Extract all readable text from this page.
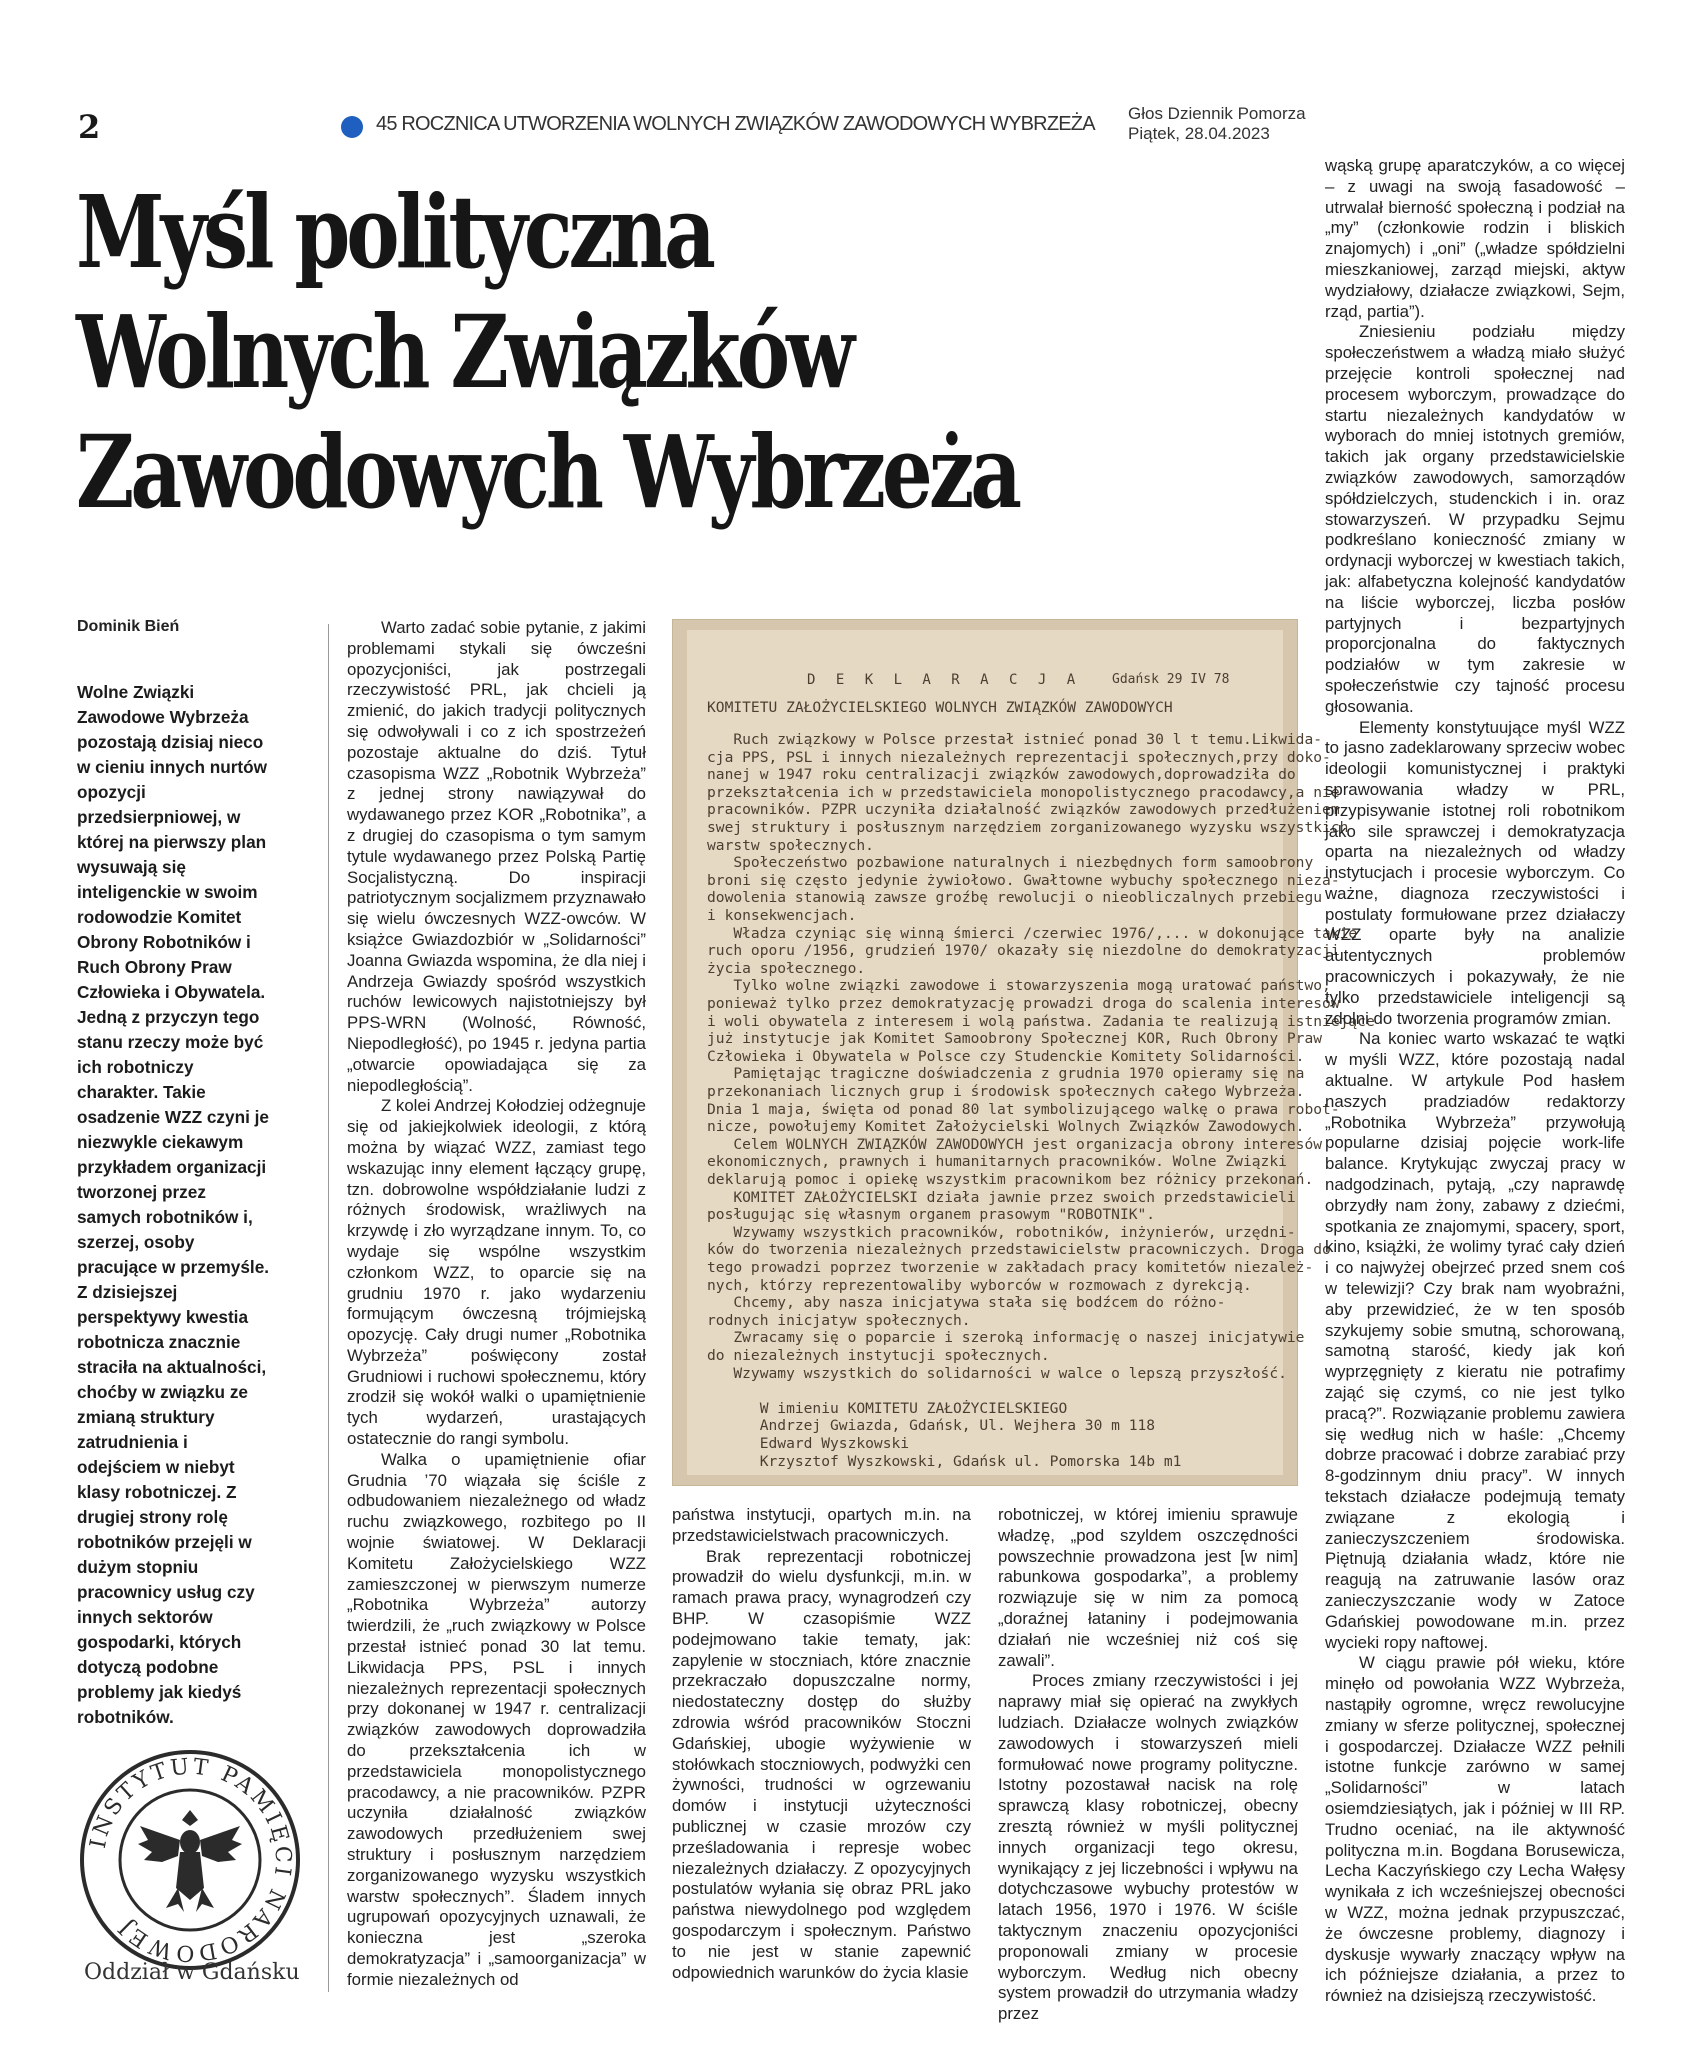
2	45 ROCZNICA UTWORZENIA WOLNYCH ZWIĄZKÓW ZAWODOWYCH WYBRZEŻA Głos Dziennik Pomorza
Piątek, 28.04.2023
Myśl polityczna
Wolnych Związków
Zawodowych Wybrzeża
Dominik Bień

Wolne Związki Zawodowe Wybrzeża pozostają dzisiaj nieco w cieniu innych nurtów opozycji przedsierpniowej, w której na pierwszy plan wysuwają się inteligenckie w swoim rodowodzie Komitet Obrony Robotników i Ruch Obrony Praw Człowieka i Obywatela. Jedną z przyczyn tego stanu rzeczy może być ich robotniczy charakter. Takie osadzenie WZZ czyni je niezwykle ciekawym przykładem organizacji tworzonej przez samych robotników i, szerzej, osoby pracujące w przemyśle. Z dzisiejszej perspektywy kwestia robotnicza znacznie straciła na aktualności, choćby w związku ze zmianą struktury zatrudnienia i odejściem w niebyt klasy robotniczej. Z drugiej strony rolę robotników przejęli w dużym stopniu pracownicy usług czy innych sektorów gospodarki, których dotyczą podobne problemy jak kiedyś robotników.

Warto zadać sobie pytanie, z jakimi problemami stykali się ówcześni opozycjoniści, jak postrzegali rzeczywistość PRL, jak chcieli ją zmienić, do jakich tradycji politycznych się odwoływali i co z ich spostrzeżeń pozostaje aktualne do dziś. Tytuł czasopisma WZZ „Robotnik Wybrzeża” z jednej strony nawiązywał do wydawanego przez KOR „Robotnika”, a z drugiej do czasopisma o tym samym tytule wydawanego przez Polską Partię Socjalistyczną. Do inspiracji patriotycznym socjalizmem przyznawało się wielu ówczesnych WZZ-owców. W książce Gwiazdozbiór w „Solidarności” Joanna Gwiazda wspomina, że dla niej i Andrzeja Gwiazdy spośród wszystkich ruchów lewicowych najistotniejszy był PPS-WRN (Wolność, Równość, Niepodległość), po 1945 r. jedyna partia „otwarcie opowiadająca się za niepodległością”.

Z kolei Andrzej Kołodziej odżegnuje się od jakiejkolwiek ideologii, z którą można by wiązać WZZ, zamiast tego wskazując inny element łączący grupę, tzn. dobrowolne współdziałanie ludzi z różnych środowisk, wrażliwych na krzywdę i zło wyrządzane innym. To, co wydaje się wspólne wszystkim członkom WZZ, to oparcie się na grudniu 1970 r. jako wydarzeniu formującym ówczesną trójmiejską opozycję. Cały drugi numer „Robotnika Wybrzeża” poświęcony został Grudniowi i ruchowi społecznemu, który zrodził się wokół walki o upamiętnienie tych wydarzeń, urastających ostatecznie do rangi symbolu.

Walka o upamiętnienie ofiar Grudnia ’70 wiązała się ściśle z odbudowaniem niezależnego od władz ruchu związkowego, rozbitego po II wojnie światowej. W Deklaracji Komitetu Założycielskiego WZZ zamieszczonej w pierwszym numerze „Robotnika Wybrzeża” autorzy twierdzili, że „ruch związkowy w Polsce przestał istnieć ponad 30 lat temu. Likwidacja PPS, PSL i innych niezależnych reprezentacji społecznych przy dokonanej w 1947 r. centralizacji związków zawodowych doprowadziła do przekształcenia ich w przedstawiciela monopolistycznego pracodawcy, a nie pracowników. PZPR uczyniła działalność związków zawodowych przedłużeniem swej struktury i posłusznym narzędziem zorganizowanego wyzysku wszystkich warstw społecznych”. Śladem innych ugrupowań opozycyjnych uznawali, że konieczna jest „szeroka demokratyzacja” i „samoorganizacja” w formie niezależnych od

D E K L A R A C J A Gdańsk 29 IV 78
KOMITETU ZAŁOŻYCIELSKIEGO WOLNYCH ZWIĄZKÓW ZAWODOWYCH
Ruch związkowy w Polsce przestał istnieć ponad 30 l t temu.Likwida-
cja PPS, PSL i innych niezależnych reprezentacji społecznych,przy doko-
nanej w 1947 roku centralizacji związków zawodowych,doprowadziła do
przekształcenia ich w przedstawiciela monopolistycznego pracodawcy,a nie
pracowników. PZPR uczyniła działalność związków zawodowych przedłużeniem
swej struktury i posłusznym narzędziem zorganizowanego wyzysku wszystkich
warstw społecznych.
Społeczeństwo pozbawione naturalnych i niezbędnych form samoobrony
broni się często jedynie żywiołowo. Gwałtowne wybuchy społecznego nieza-
dowolenia stanowią zawsze groźbę rewolucji o nieobliczalnych przebiegu
i konsekwencjach.
Władza czyniąc się winną śmierci /czerwiec 1976/,... w dokonujące takie
ruch oporu /1956, grudzień 1970/ okazały się niezdolne do demokratyzacji
życia społecznego.
Tylko wolne związki zawodowe i stowarzyszenia mogą uratować państwo,
ponieważ tylko przez demokratyzację prowadzi droga do scalenia interesów
i woli obywatela z interesem i wolą państwa. Zadania te realizują istniejące
już instytucje jak Komitet Samoobrony Społecznej KOR, Ruch Obrony Praw
Człowieka i Obywatela w Polsce czy Studenckie Komitety Solidarności.
Pamiętając tragiczne doświadczenia z grudnia 1970 opieramy się na
przekonaniach licznych grup i środowisk społecznych całego Wybrzeża.
Dnia 1 maja, święta od ponad 80 lat symbolizującego walkę o prawa robot-
nicze, powołujemy Komitet Założycielski Wolnych Związków Zawodowych.
Celem WOLNYCH ZWIĄZKÓW ZAWODOWYCH jest organizacja obrony interesów
ekonomicznych, prawnych i humanitarnych pracowników. Wolne Związki
deklarują pomoc i opiekę wszystkim pracownikom bez różnicy przekonań.
KOMITET ZAŁOŻYCIELSKI działa jawnie przez swoich przedstawicieli
posługując się własnym organem prasowym "ROBOTNIK".
Wzywamy wszystkich pracowników, robotników, inżynierów, urzędni-
ków do tworzenia niezależnych przedstawicielstw pracowniczych. Droga do
tego prowadzi poprzez tworzenie w zakładach pracy komitetów niezależ-
nych, którzy reprezentowaliby wyborców w rozmowach z dyrekcją.
Chcemy, aby nasza inicjatywa stała się bodźcem do różno-
rodnych inicjatyw społecznych.
Zwracamy się o poparcie i szeroką informację o naszej inicjatywie
do niezależnych instytucji społecznych.
Wzywamy wszystkich do solidarności w walce o lepszą przyszłość.
W imieniu KOMITETU ZAŁOŻYCIELSKIEGO
Andrzej Gwiazda, Gdańsk, Ul. Wejhera 30 m 118
Edward Wyszkowski
Krzysztof Wyszkowski, Gdańsk ul. Pomorska 14b m1

państwa instytucji, opartych m.in. na przedstawicielstwach pracowniczych.

Brak reprezentacji robotniczej prowadził do wielu dysfunkcji, m.in. w ramach prawa pracy, wynagrodzeń czy BHP. W czasopiśmie WZZ podejmowano takie tematy, jak: zapylenie w stoczniach, które znacznie przekraczało dopuszczalne normy, niedostateczny dostęp do służby zdrowia wśród pracowników Stoczni Gdańskiej, ubogie wyżywienie w stołówkach stoczniowych, podwyżki cen żywności, trudności w ogrzewaniu domów i instytucji użyteczności publicznej w czasie mrozów czy prześladowania i represje wobec niezależnych działaczy. Z opozycyjnych postulatów wyłania się obraz PRL jako państwa niewydolnego pod względem gospodarczym i społecznym. Państwo to nie jest w stanie zapewnić odpowiednich warunków do życia klasie

robotniczej, w której imieniu sprawuje władzę, „pod szyldem oszczędności powszechnie prowadzona jest [w nim] rabunkowa gospodarka”, a problemy rozwiązuje się w nim za pomocą „doraźnej łataniny i podejmowania działań nie wcześniej niż coś się zawali”.

Proces zmiany rzeczywistości i jej naprawy miał się opierać na zwykłych ludziach. Działacze wolnych związków zawodowych i stowarzyszeń mieli formułować nowe programy polityczne. Istotny pozostawał nacisk na rolę sprawczą klasy robotniczej, obecny zresztą również w myśli politycznej innych organizacji tego okresu, wynikający z jej liczebności i wpływu na dotychczasowe wybuchy protestów w latach 1956, 1970 i 1976. W ściśle taktycznym znaczeniu opozycjoniści proponowali zmiany w procesie wyborczym. Według nich obecny system prowadził do utrzymania władzy przez

wąską grupę aparatczyków, a co więcej – z uwagi na swoją fasadowość – utrwalał bierność społeczną i podział na „my” (członkowie rodzin i bliskich znajomych) i „oni” („władze spółdzielni mieszkaniowej, zarząd miejski, aktyw wydziałowy, działacze związkowi, Sejm, rząd, partia”).

Zniesieniu podziału między społeczeństwem a władzą miało służyć przejęcie kontroli społecznej nad procesem wyborczym, prowadzące do startu niezależnych kandydatów w wyborach do mniej istotnych gremiów, takich jak organy przedstawicielskie związków zawodowych, samorządów spółdzielczych, studenckich i in. oraz stowarzyszeń. W przypadku Sejmu podkreślano konieczność zmiany w ordynacji wyborczej w kwestiach takich, jak: alfabetyczna kolejność kandydatów na liście wyborczej, liczba posłów partyjnych i bezpartyjnych proporcjonalna do faktycznych podziałów w tym zakresie w społeczeństwie czy tajność procesu głosowania.

Elementy konstytuujące myśl WZZ to jasno zadeklarowany sprzeciw wobec ideologii komunistycznej i praktyki sprawowania władzy w PRL, przypisywanie istotnej roli robotnikom jako sile sprawczej i demokratyzacja oparta na niezależnych od władzy instytucjach i procesie wyborczym. Co ważne, diagnoza rzeczywistości i postulaty formułowane przez działaczy WZZ oparte były na analizie autentycznych problemów pracowniczych i pokazywały, że nie tylko przedstawiciele inteligencji są zdolni do tworzenia programów zmian.

Na koniec warto wskazać te wątki w myśli WZZ, które pozostają nadal aktualne. W artykule Pod hasłem naszych pradziadów redaktorzy „Robotnika Wybrzeża” przywołują popularne dzisiaj pojęcie work-life balance. Krytykując zwyczaj pracy w nadgodzinach, pytają, „czy naprawdę obrzydły nam żony, zabawy z dziećmi, spotkania ze znajomymi, spacery, sport, kino, książki, że wolimy tyrać cały dzień i co najwyżej obejrzeć przed snem coś w telewizji? Czy brak nam wyobraźni, aby przewidzieć, że w ten sposób szykujemy sobie smutną, schorowaną, samotną starość, kiedy jak koń wyprzęgnięty z kieratu nie potrafimy zająć się czymś, co nie jest tylko pracą?”. Rozwiązanie problemu zawiera się według nich w haśle: „Chcemy dobrze pracować i dobrze zarabiać przy 8-godzinnym dniu pracy”. W innych tekstach działacze podejmują tematy związane z ekologią i zanieczyszczeniem środowiska. Piętnują działania władz, które nie reagują na zatruwanie lasów oraz zanieczyszczanie wody w Zatoce Gdańskiej powodowane m.in. przez wycieki ropy naftowej.

W ciągu prawie pół wieku, które minęło od powołania WZZ Wybrzeża, nastąpiły ogromne, wręcz rewolucyjne zmiany w sferze politycznej, społecznej i gospodarczej. Działacze WZZ pełnili istotne funkcje zarówno w samej „Solidarności” w latach osiemdziesiątych, jak i później w III RP. Trudno oceniać, na ile aktywność polityczna m.in. Bogdana Borusewicza, Lecha Kaczyńskiego czy Lecha Wałęsy wynikała z ich wcześniejszej obecności w WZZ, można jednak przypuszczać, że ówczesne problemy, diagnozy i dyskusje wywarły znaczący wpływ na ich późniejsze działania, a przez to również na dzisiejszą rzeczywistość.

INSTYTUT PAMIĘCI NARODOWEJ
Oddział w Gdańsku
